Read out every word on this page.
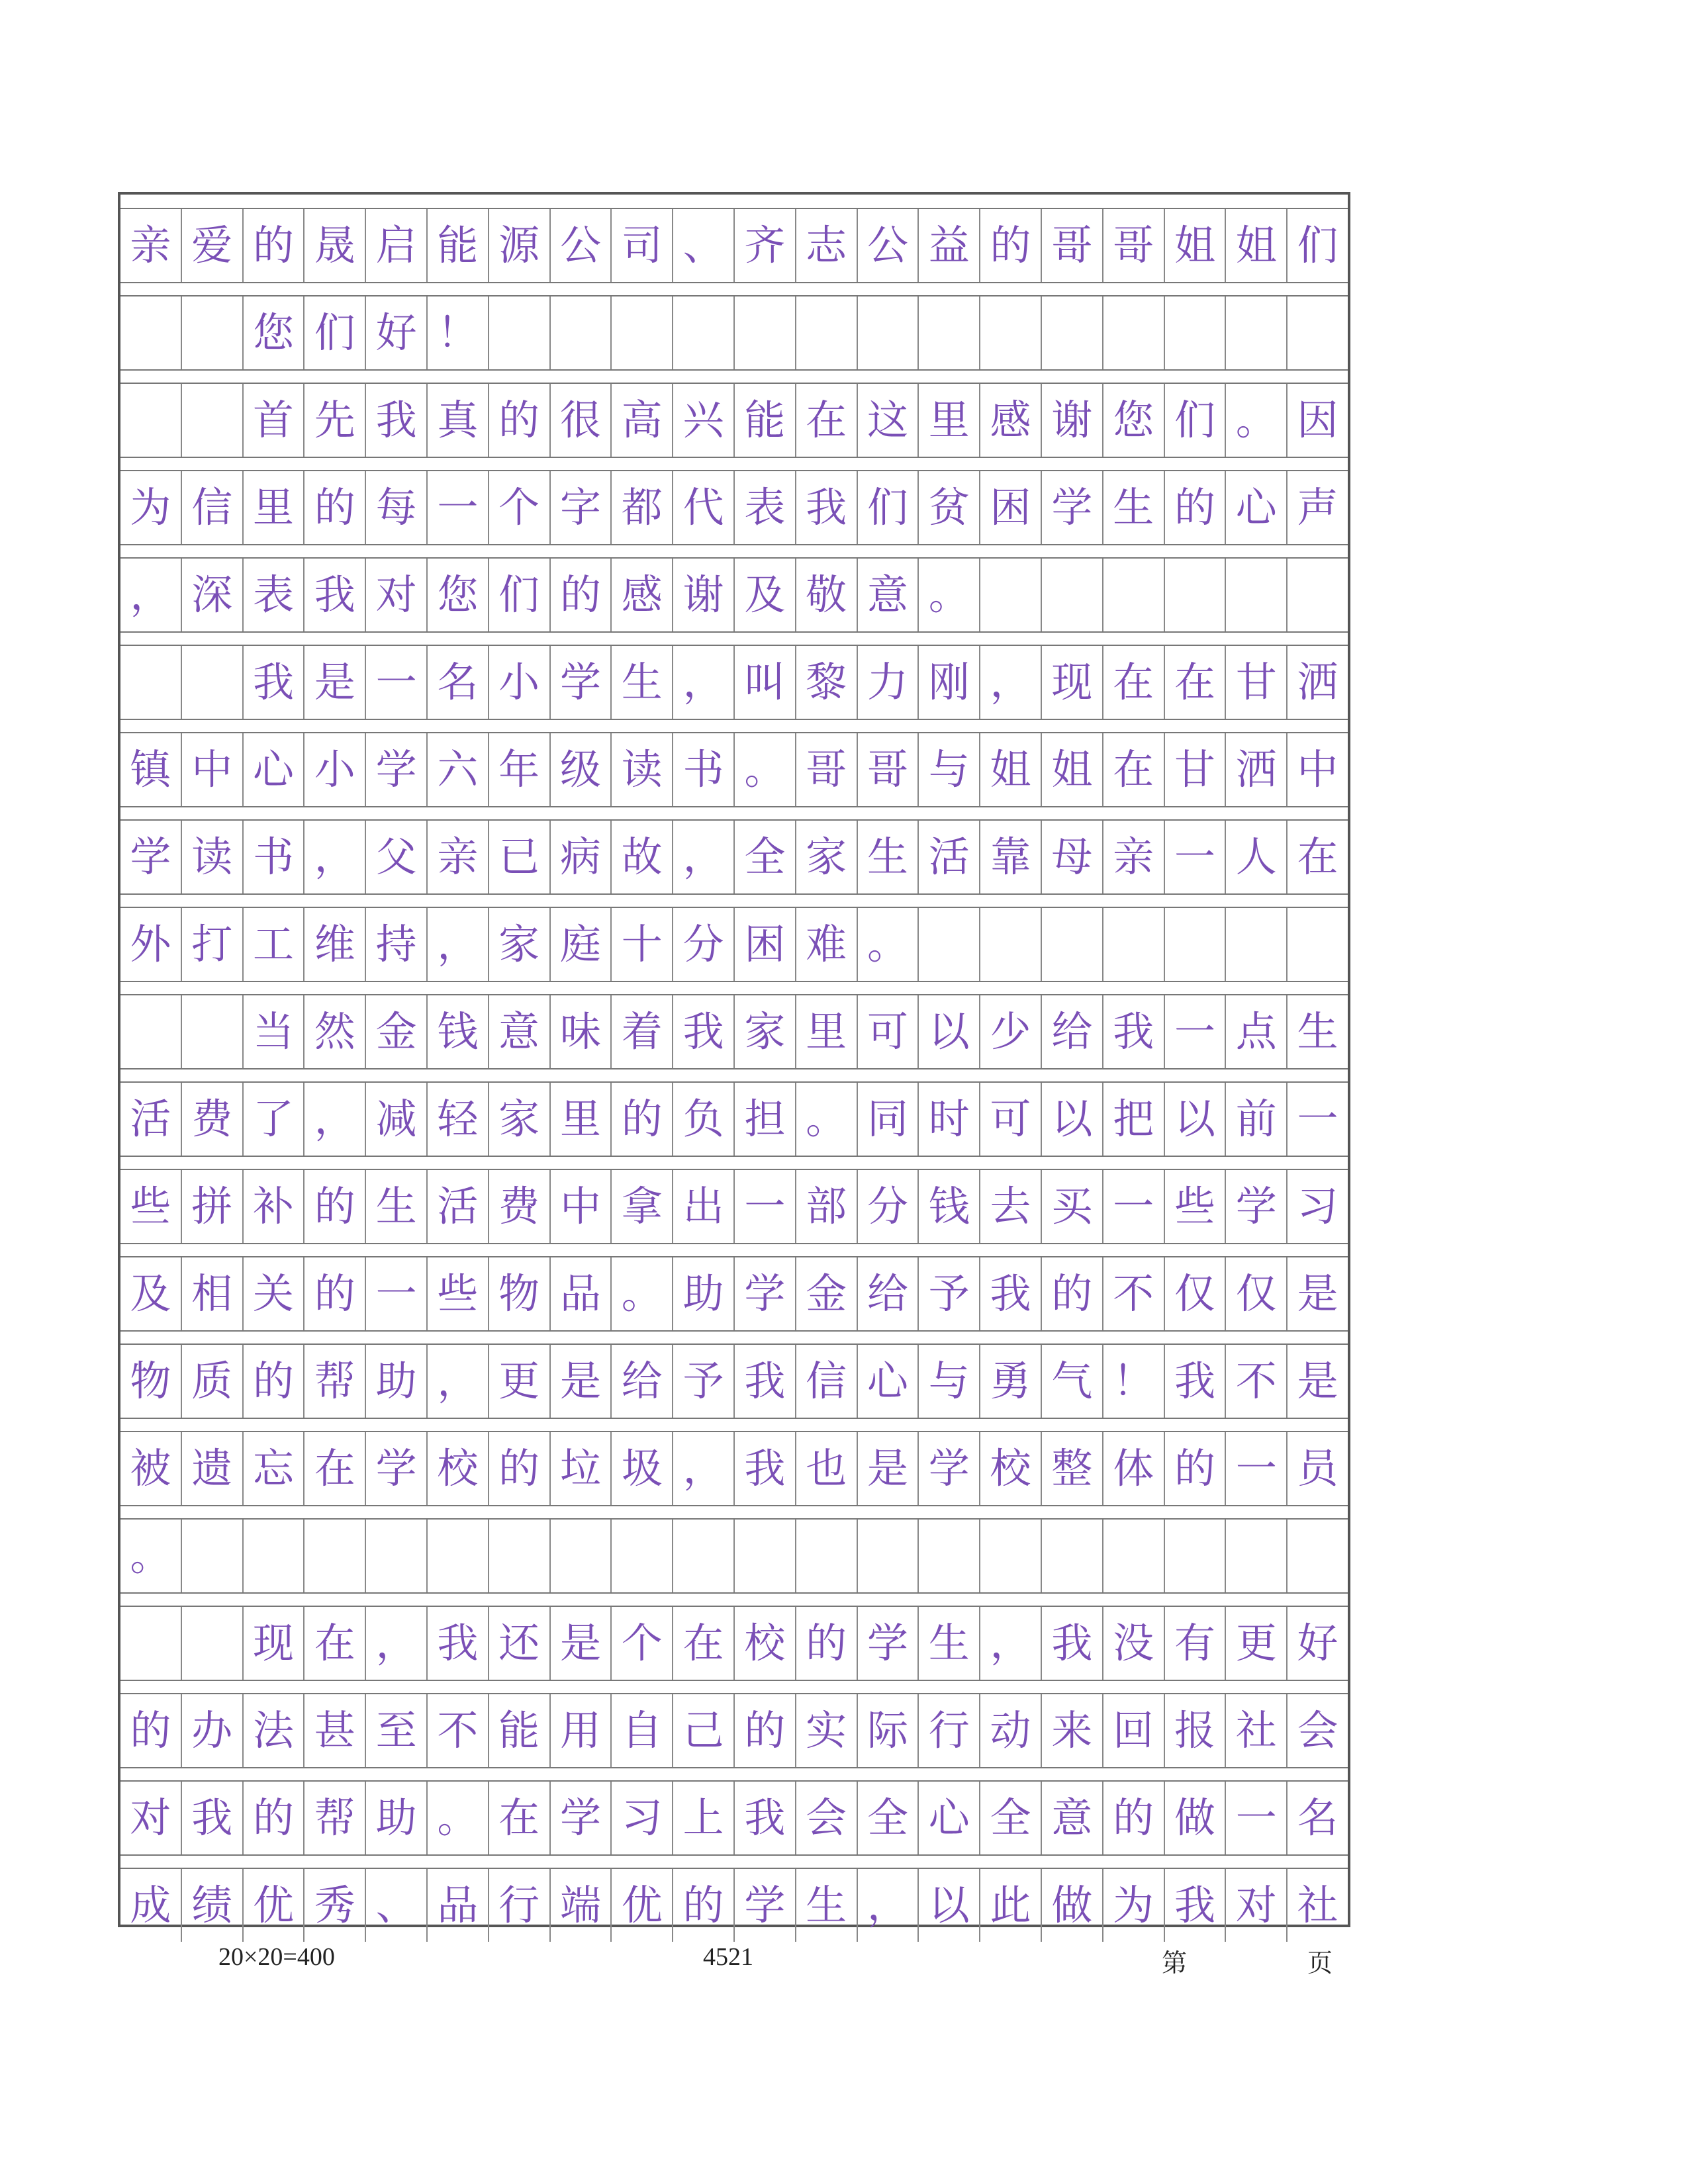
亲 爱 的 晟 启 能 源 公 司 、 齐 志 公 益 的 哥 哥 姐 姐 们
您 们 好 ！
首 先 我 真 的 很 高 兴 能 在 这 里 感 谢 您 们 。 因
为 信 里 的 每 一 个 字 都 代 表 我 们 贫 困 学 生 的 心 声
， 深 表 我 对 您 们 的 感 谢 及 敬 意 。
我 是 一 名 小 学 生 ， 叫 黎 力 刚 ， 现 在 在 甘 洒
镇 中 心 小 学 六 年 级 读 书 。 哥 哥 与 姐 姐 在 甘 洒 中
学 读 书 ， 父 亲 已 病 故 ， 全 家 生 活 靠 母 亲 一 人 在
外 打 工 维 持 ， 家 庭 十 分 困 难 。
当 然 金 钱 意 味 着 我 家 里 可 以 少 给 我 一 点 生
活 费 了 ， 减 轻 家 里 的 负 担 。 同 时 可 以 把 以 前 一
些 拼 补 的 生 活 费 中 拿 出 一 部 分 钱 去 买 一 些 学 习
及 相 关 的 一 些 物 品 。 助 学 金 给 予 我 的 不 仅 仅 是
物 质 的 帮 助 ， 更 是 给 予 我 信 心 与 勇 气 ！ 我 不 是
被 遗 忘 在 学 校 的 垃 圾 ， 我 也 是 学 校 整 体 的 一 员
。
现 在 ， 我 还 是 个 在 校 的 学 生 ， 我 没 有 更 好
的 办 法 甚 至 不 能 用 自 己 的 实 际 行 动 来 回 报 社 会
对 我 的 帮 助 。 在 学 习 上 我 会 全 心 全 意 的 做 一 名
成 绩 优 秀 、 品 行 端 优 的 学 生 ， 以 此 做 为 我 对 社
20×20=400	4521	第	页
